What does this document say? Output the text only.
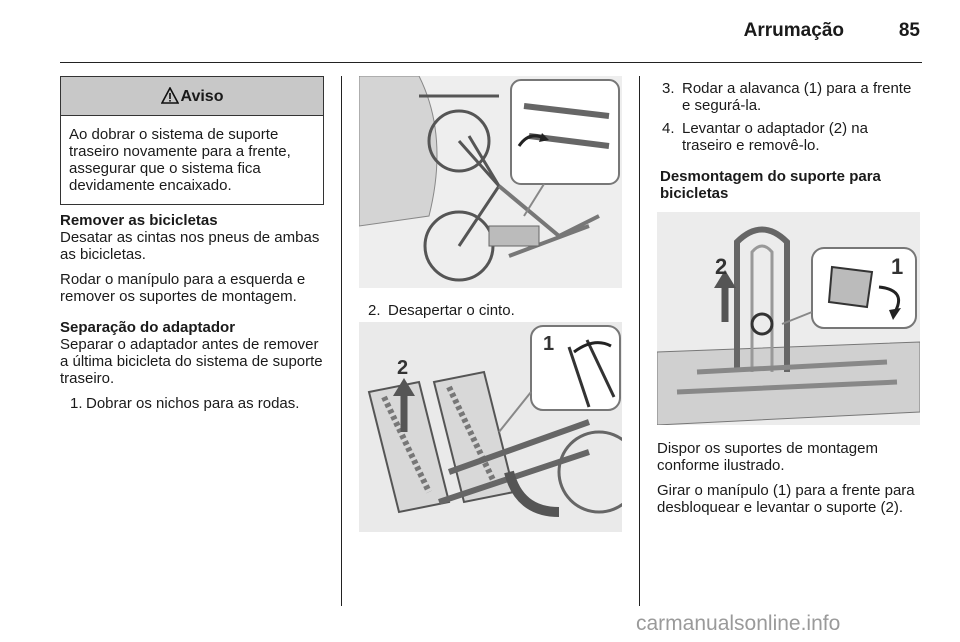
Arrumação	85
Aviso
Ao dobrar o sistema de suporte traseiro novamente para a frente, assegurar que o sistema fica devidamente encaixado.

Remover as bicicletas
Desatar as cintas nos pneus de ambas as bicicletas.

Rodar o manípulo para a esquerda e remover os suportes de montagem.

Separação do adaptador
Separar o adaptador antes de remover a última bicicleta do sistema de suporte traseiro.

1. Dobrar os nichos para as rodas.
2. Desapertar o cinto.
2
1
3. Rodar a alavanca (1) para a frente e segurá-la.
4. Levantar o adaptador (2) na traseiro e removê-lo.

Desmontagem do suporte para bicicletas

2	1

Dispor os suportes de montagem conforme ilustrado.

Girar o manípulo (1) para a frente para desbloquear e levantar o suporte (2).

carmanualsonline.info
